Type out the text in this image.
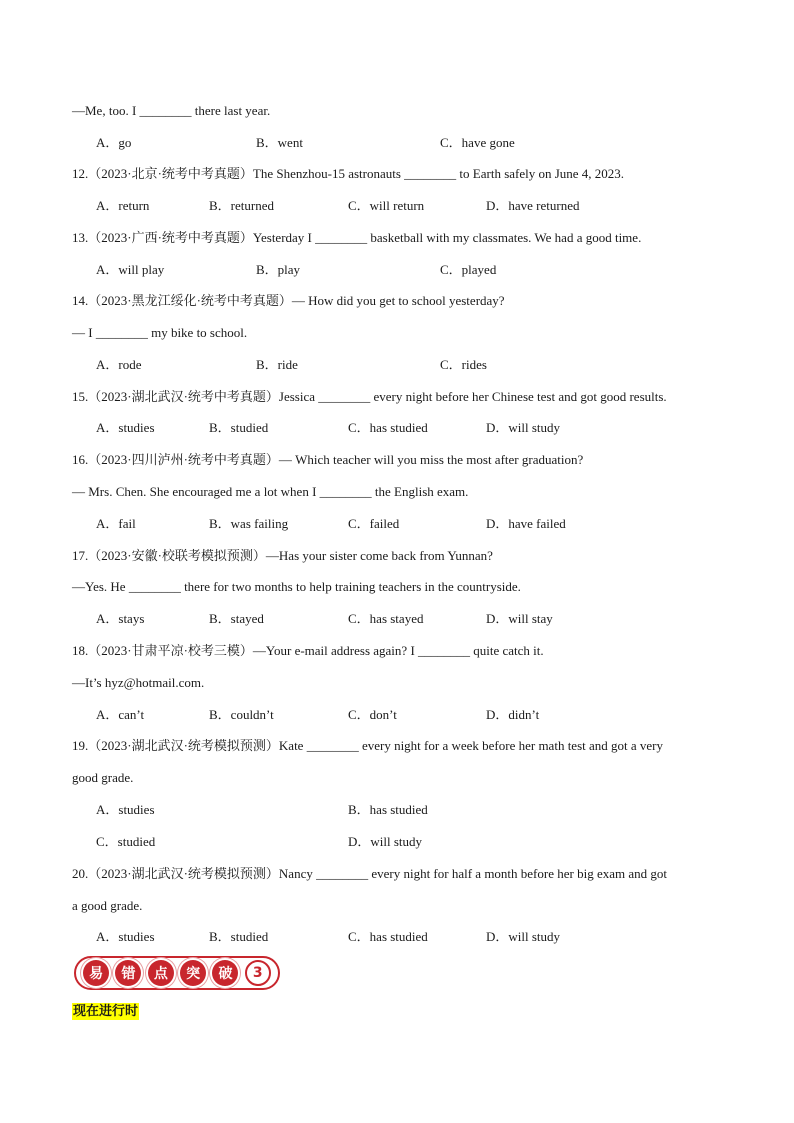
—Me, too. I ________ there last year.
A．go	B．went	C．have gone
12.（2023·北京·统考中考真题）The Shenzhou-15 astronauts ________ to Earth safely on June 4, 2023.
A．return	B．returned	C．will return	D．have returned
13.（2023·广西·统考中考真题）Yesterday I ________ basketball with my classmates. We had a good time.
A．will play	B．play	C．played
14.（2023·黑龙江绥化·统考中考真题）— How did you get to school yesterday?
— I ________ my bike to school.
A．rode	B．ride	C．rides
15.（2023·湖北武汉·统考中考真题）Jessica ________ every night before her Chinese test and got good results.
A．studies	B．studied	C．has studied	D．will study
16.（2023·四川泸州·统考中考真题）— Which teacher will you miss the most after graduation?
— Mrs. Chen. She encouraged me a lot when I ________ the English exam.
A．fail	B．was failing	C．failed	D．have failed
17.（2023·安徽·校联考模拟预测）—Has your sister come back from Yunnan?
—Yes. He ________ there for two months to help training teachers in the countryside.
A．stays	B．stayed	C．has stayed	D．will stay
18.（2023·甘肃平凉·校考三模）—Your e-mail address again? I ________ quite catch it.
—It’s hyz@hotmail.com.
A．can’t	B．couldn’t	C．don’t	D．didn’t
19.（2023·湖北武汉·统考模拟预测）Kate ________ every night for a week before her math test and got a very
good grade.
A．studies	B．has studied
C．studied	D．will study
20.（2023·湖北武汉·统考模拟预测）Nancy ________ every night for half a month before her big exam and got
a good grade.
A．studies	B．studied	C．has studied	D．will study
易	错	点	突	破	3
现在进行时
